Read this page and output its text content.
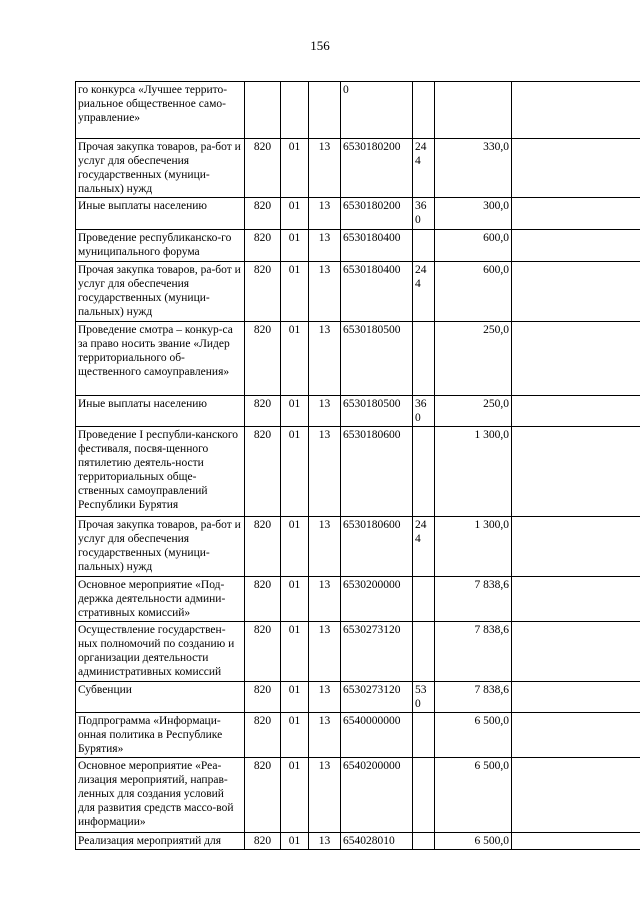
156
го конкурса «Лучшее террито-риальное общественное само-управление»				0			
Прочая закупка товаров, ра-бот и услуг для обеспечения государственных (муници-пальных) нужд	820	01	13	6530180200	244	330,0	
Иные выплаты населению	820	01	13	6530180200	360	300,0	
Проведение республиканско-го муниципального форума	820	01	13	6530180400		600,0	
Прочая закупка товаров, ра-бот и услуг для обеспечения государственных (муници-пальных) нужд	820	01	13	6530180400	244	600,0	
Проведение смотра – конкур-са за право носить звание «Лидер территориального об-щественного самоуправления»	820	01	13	6530180500		250,0	
Иные выплаты населению	820	01	13	6530180500	360	250,0	
Проведение I республи-канского фестиваля, посвя-щенного пятилетию деятель-ности территориальных обще-ственных самоуправлений Республики Бурятия	820	01	13	6530180600		1 300,0	
Прочая закупка товаров, ра-бот и услуг для обеспечения государственных (муници-пальных) нужд	820	01	13	6530180600	244	1 300,0	
Основное мероприятие «Под-держка деятельности админи-стративных комиссий»	820	01	13	6530200000		7 838,6	
Осуществление государствен-ных полномочий по созданию и организации деятельности административных комиссий	820	01	13	6530273120		7 838,6	
Субвенции	820	01	13	6530273120	530	7 838,6	
Подпрограмма «Информаци-онная политика в Республике Бурятия»	820	01	13	6540000000		6 500,0	
Основное мероприятие «Реа-лизация мероприятий, направ-ленных для создания условий для развития средств массо-вой информации»	820	01	13	6540200000		6 500,0	
Реализация мероприятий для	820	01	13	654028010		6 500,0	
